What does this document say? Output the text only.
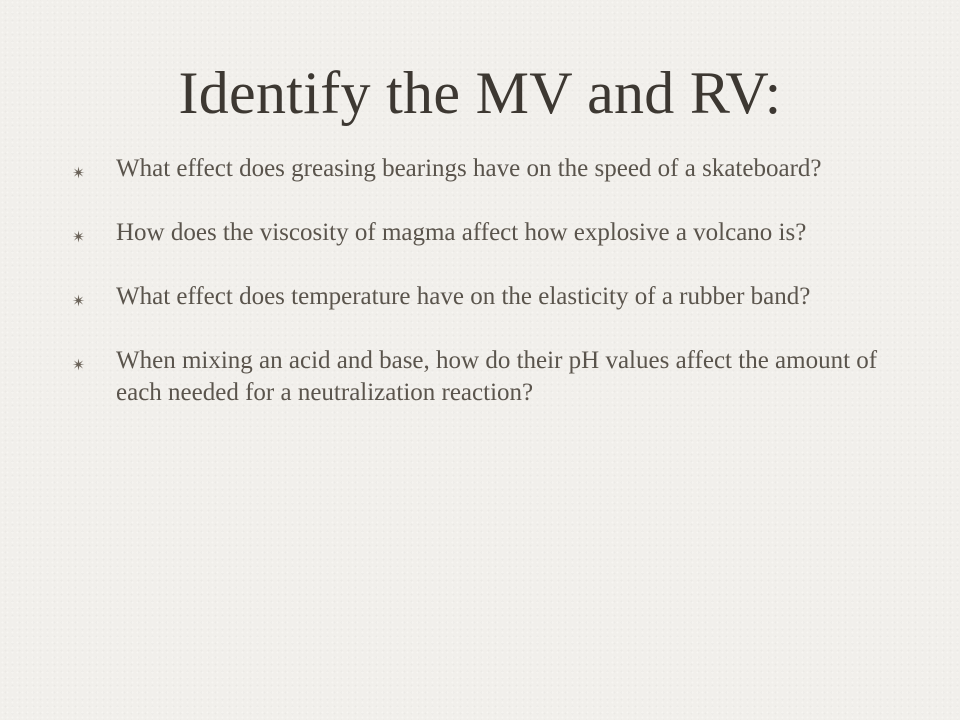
Identify the MV and RV:
What effect does greasing bearings have on the speed of a skateboard?
How does the viscosity of magma affect how explosive a volcano is?
What effect does temperature have on the elasticity of a rubber band?
When mixing an acid and base, how do their pH values affect the amount of each needed for a neutralization reaction?
